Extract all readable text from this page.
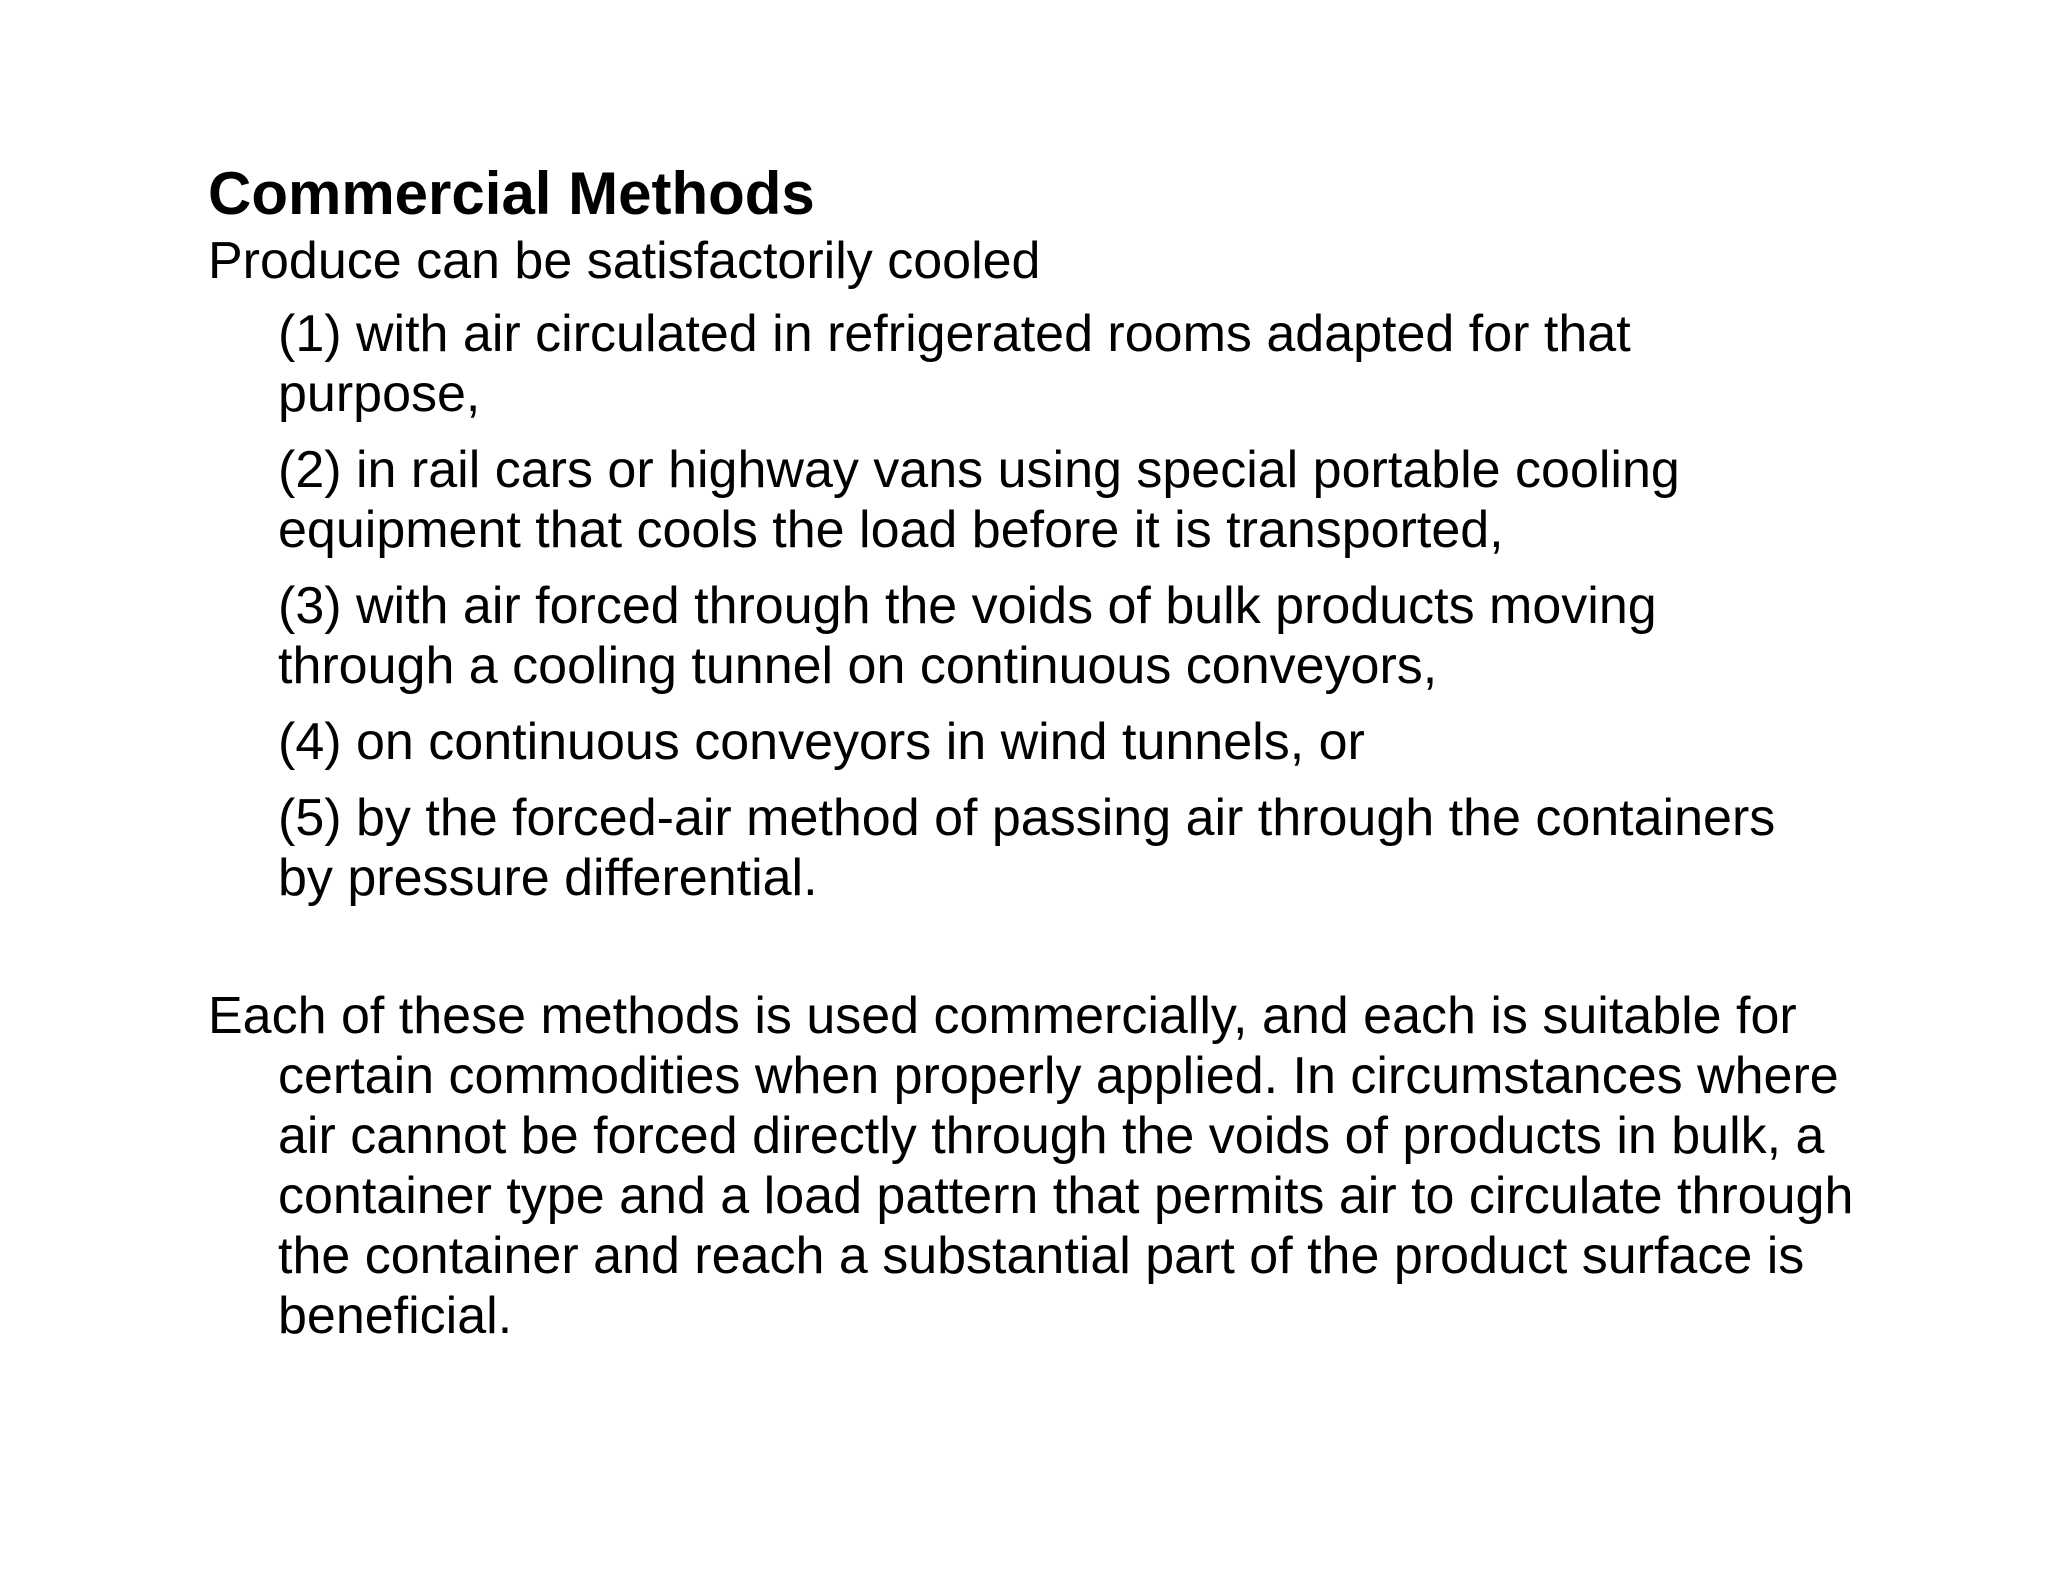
Commercial Methods

Produce can be satisfactorily cooled

(1) with air circulated in refrigerated rooms adapted for that purpose,
(2) in rail cars or highway vans using special portable cooling equipment that cools the load before it is transported,
(3) with air forced through the voids of bulk products moving through a cooling tunnel on continuous conveyors,
(4) on continuous conveyors in wind tunnels, or
(5) by the forced-air method of passing air through the containers by pressure differential.

Each of these methods is used commercially, and each is suitable for certain commodities when properly applied. In circumstances where air cannot be forced directly through the voids of products in bulk, a container type and a load pattern that permits air to circulate through the container and reach a substantial part of the product surface is beneficial.
